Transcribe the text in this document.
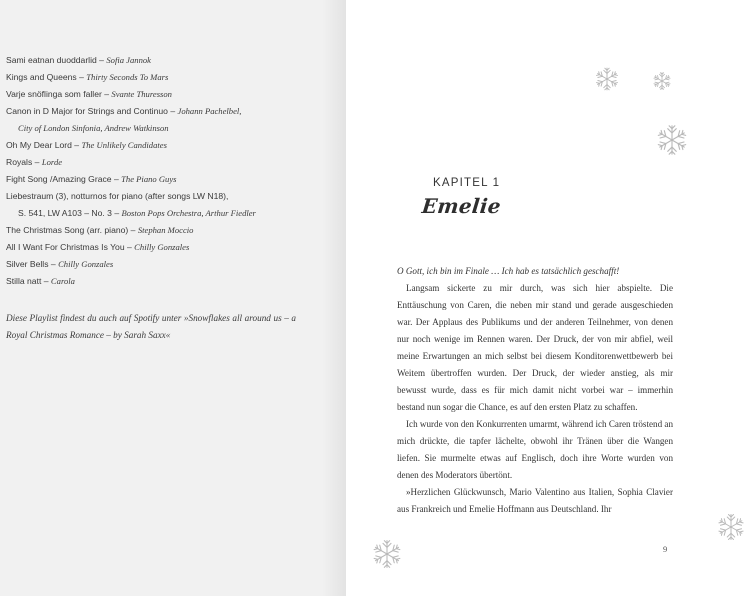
Sami eatnan duoddarlid – Sofia Jannok
Kings and Queens – Thirty Seconds To Mars
Varje snöflinga som faller – Svante Thuresson
Canon in D Major for Strings and Continuo – Johann Pachelbel,
City of London Sinfonia, Andrew Watkinson
Oh My Dear Lord – The Unlikely Candidates
Royals – Lorde
Fight Song /Amazing Grace – The Piano Guys
Liebestraum (3), notturnos for piano (after songs LW N18),
S. 541, LW A103 – No. 3 – Boston Pops Orchestra, Arthur Fiedler
The Christmas Song (arr. piano) – Stephan Moccio
All I Want For Christmas Is You – Chilly Gonzales
Silver Bells – Chilly Gonzales
Stilla natt – Carola

Diese Playlist findest du auch auf Spotify unter »Snowflakes all around us – a Royal Christmas Romance – by Sarah Saxx«

KAPITEL 1
Emelie

O Gott, ich bin im Finale … Ich hab es tatsächlich geschafft!

Langsam sickerte zu mir durch, was sich hier abspielte. Die Enttäuschung von Caren, die neben mir stand und gerade ausgeschieden war. Der Applaus des Publikums und der anderen Teilnehmer, von denen nur noch wenige im Rennen waren. Der Druck, der von mir abfiel, weil meine Erwartungen an mich selbst bei diesem Konditorenwettbewerb bei Weitem übertroffen wurden. Der Druck, der wieder anstieg, als mir bewusst wurde, dass es für mich damit nicht vorbei war – immerhin bestand nun sogar die Chance, es auf den ersten Platz zu schaffen.

Ich wurde von den Konkurrenten umarmt, während ich Caren tröstend an mich drückte, die tapfer lächelte, obwohl ihr Tränen über die Wangen liefen. Sie murmelte etwas auf Englisch, doch ihre Worte wurden von denen des Moderators übertönt.

»Herzlichen Glückwunsch, Mario Valentino aus Italien, Sophia Clavier aus Frankreich und Emelie Hoffmann aus Deutschland. Ihr

9
